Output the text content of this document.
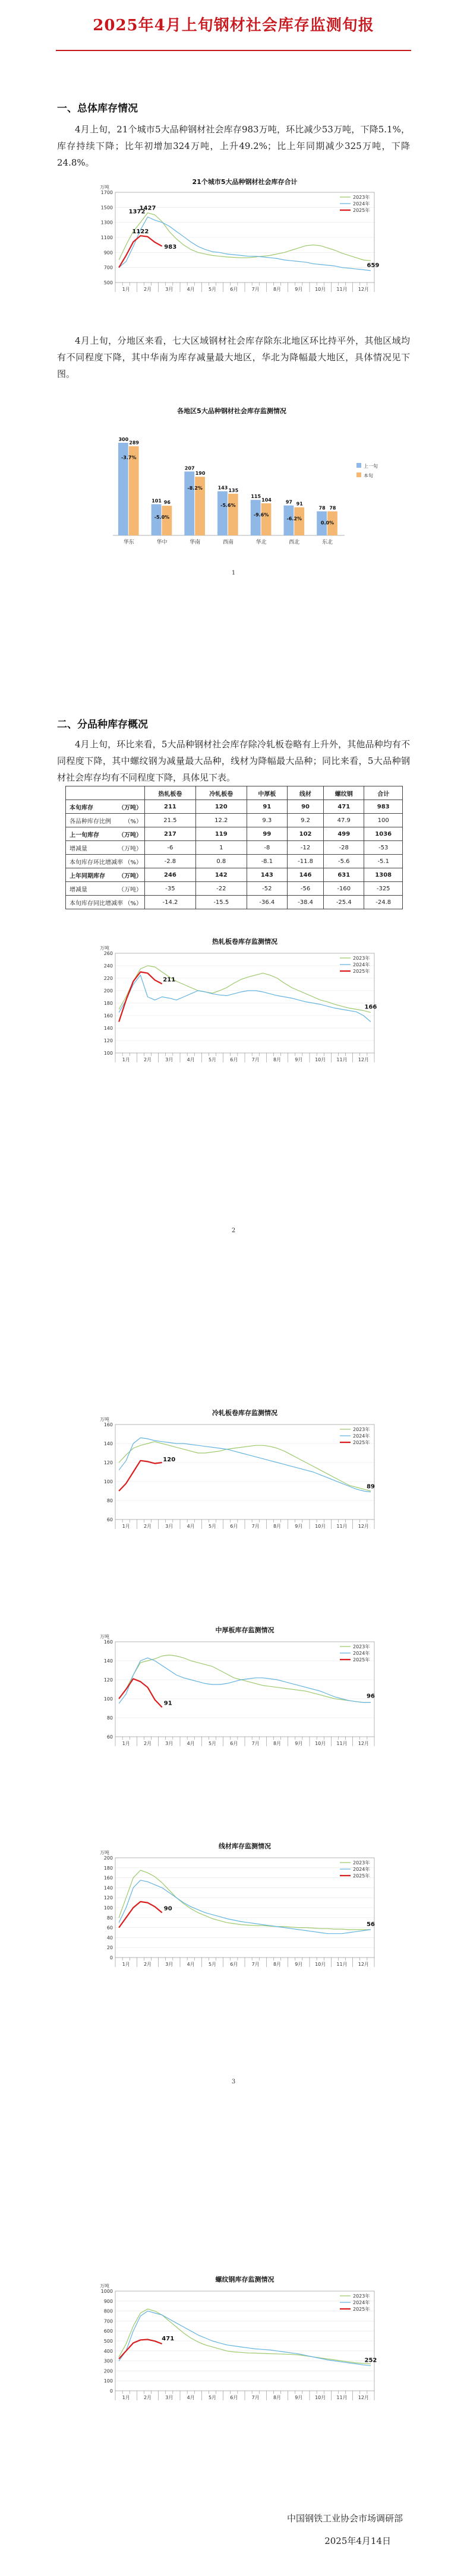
2025年4月上旬钢材社会库存监测旬报
一、总体库存情况
4月上旬，21个城市5大品种钢材社会库存983万吨，环比减少53万吨，下降5.1%，库存持续下降；比年初增加324万吨，上升49.2%；比上年同期减少325万吨，下降24.8%。
21个城市5大品种钢材社会库存合计
万吨
500
700
900
1100
1300
1500
1700
1月	2月	3月	4月	5月	6月	7月	8月	9月	10月 11月 12月
2023年
2024年
2025年
1427
1372
1122
983
659
4月上旬，分地区来看，七大区域钢材社会库存除东北地区环比持平外，其他区域均有不同程度下降，其中华南为库存减量最大地区，华北为降幅最大地区，具体情况见下图。
各地区5大品种钢材社会库存监测情况
300
289
-3.7%
华东
101 96
-5.0%
华中
207
190
-8.2%
华南
143 135
-5.6%
西南
115
104
-9.6%
华北
97 91
-6.2%
西北
78 78
0.0%
东北
上一旬
本旬
1
二、分品种库存概况
4月上旬，环比来看，5大品种钢材社会库存除冷轧板卷略有上升外，其他品种均有不同程度下降，其中螺纹钢为减量最大品种，线材为降幅最大品种；同比来看，5大品种钢材社会库存均有不同程度下降，具体见下表。
	热轧板卷	冷轧板卷	中厚板	线材	螺纹钢	合计
本旬库存 （万吨）	211	120	91	90	471	983
各品种库存比例 （%）	21.5	12.2	9.3	9.2	47.9	100
上一旬库存 （万吨）	217	119	99	102	499	1036
增减量 （万吨）	-6	1	-8	-12	-28	-53
本旬库存环比增减率 （%）	-2.8	0.8	-8.1	-11.8	-5.6	-5.1
上年同期库存 （万吨）	246	142	143	146	631	1308
增减量 （万吨）	-35	-22	-52	-56	-160	-325
本旬库存同比增减率 （%）	-14.2	-15.5	-36.4	-38.4	-25.4	-24.8
热轧板卷库存监测情况
万吨
100
120
140
160
180
200
220
240
260
1月	2月	3月	4月	5月	6月	7月	8月	9月	10月 11月 12月
2023年
2024年
2025年
211
166
2
冷轧板卷库存监测情况
万吨
60
80
100
120
140
160
1月	2月	3月	4月	5月	6月	7月	8月	9月	10月 11月 12月
2023年
2024年
2025年
120
89
中厚板库存监测情况
万吨
60
80
100
120
140
160
1月	2月	3月	4月	5月	6月	7月	8月	9月	10月 11月 12月
2023年
2024年
2025年
91
96
线材库存监测情况
万吨
0
20
40
60
80
100
120
140
160
180
200
1月	2月	3月	4月	5月	6月	7月	8月	9月	10月 11月 12月
2023年
2024年
2025年
90
56
3
螺纹钢库存监测情况
万吨
0
100
200
300
400
500
600
700
800
900
1000
1月	2月	3月	4月	5月	6月	7月	8月	9月	10月 11月 12月
2023年
2024年
2025年
471
252
中国钢铁工业协会市场调研部
2025年4月14日
